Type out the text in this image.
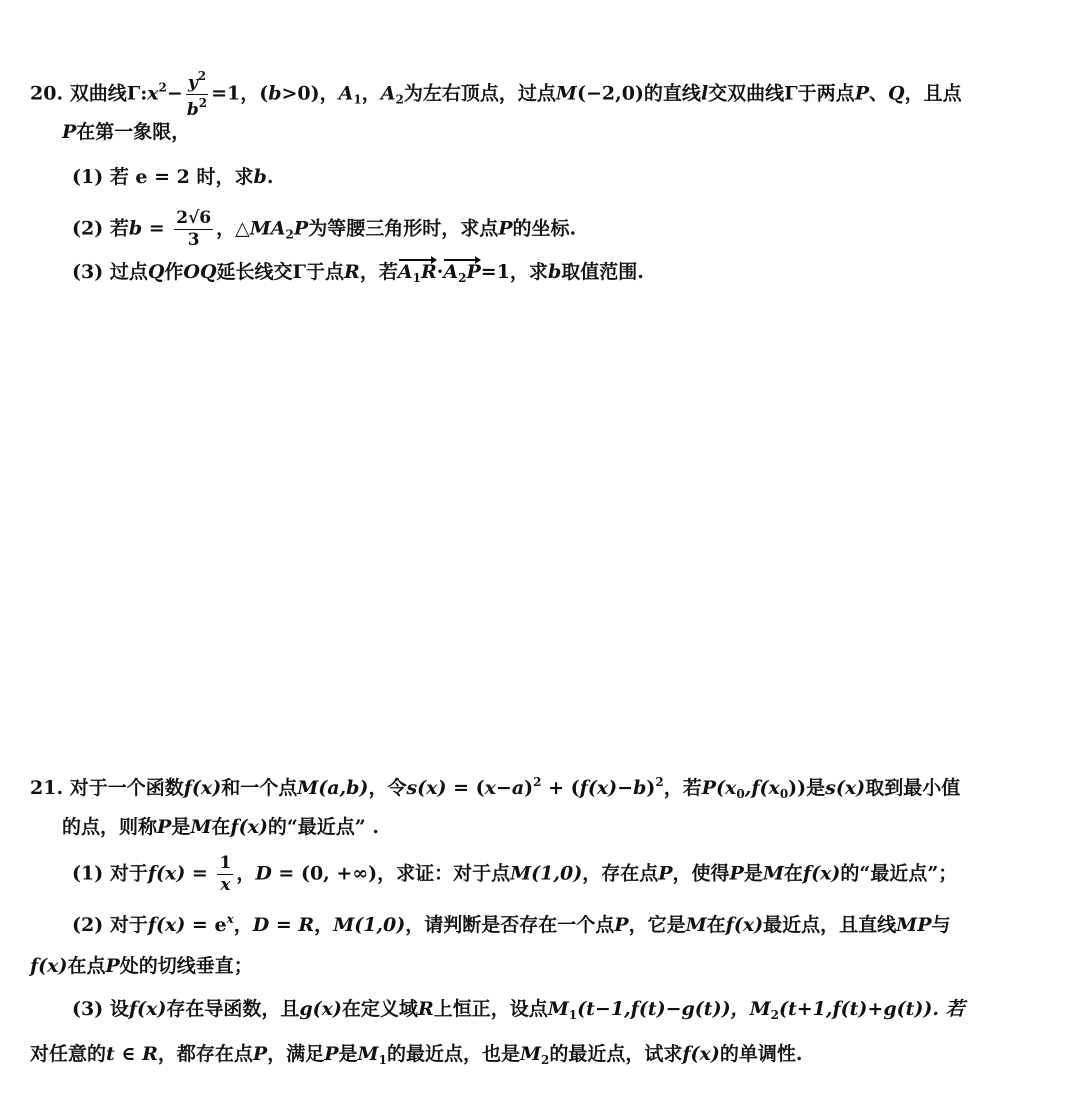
20. 双曲线$\Gamma:x^2- \frac{y^2}{b^2} =1$，(b>0)，$A_1$，$A_2$为左右顶点，过点M(−2,0)的直线l交双曲线Γ于两点P、Q，且点
P在第一象限，
(1) 若 e = 2 时，求b.
(2) 若$b = \frac{2√6}{3}$ ，$\triangle MA_2P$为等腰三角形时，求点P的坐标.
(3) 过点Q作OQ延长线交Γ于点R，若$A_1R\cdot A_2P=1$，求b取值范围.
21. 对于一个函数f(x)和一个点M(a,b)，令$s(x) = (x-a)^2 + (f(x)-b)^2$，若$P(x_0,f(x_0))$是s(x)取到最小值
的点，则称P是M在f(x)的“最近点” .
(1) 对于$f(x) = \frac{1}{x}$ ，D = (0, +∞)，求证：对于点M(1,0)，存在点P，使得P是M在f(x)的“最近点”；
(2) 对于$f(x) = e^x$，D = R，M(1,0)，请判断是否存在一个点P，它是M在f(x)最近点，且直线MP与
f(x)在点P处的切线垂直；
(3) 设f(x)存在导函数，且g(x)在定义域R上恒正，设点$M_1(t-1,f(t)-g(t))$，$M_2(t+1,f(t)+g(t))$. 若
对任意的t ∈ R，都存在点P，满足P是$M_1$的最近点，也是$M_2$的最近点，试求f(x)的单调性.
